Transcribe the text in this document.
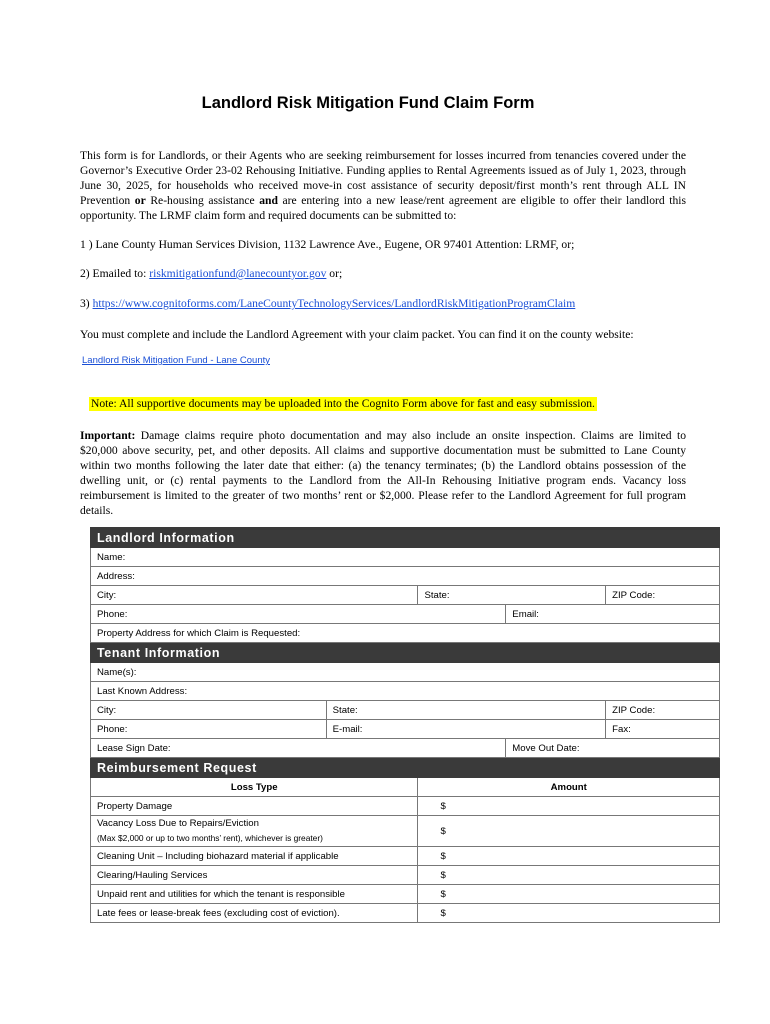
Landlord Risk Mitigation Fund Claim Form
This form is for Landlords, or their Agents who are seeking reimbursement for losses incurred from tenancies covered under the Governor’s Executive Order 23-02 Rehousing Initiative. Funding applies to Rental Agreements issued as of July 1, 2023, through June 30, 2025, for households who received move-in cost assistance of security deposit/first month’s rent through ALL IN Prevention or Re-housing assistance and are entering into a new lease/rent agreement are eligible to offer their landlord this opportunity. The LRMF claim form and required documents can be submitted to:
1 ) Lane County Human Services Division, 1132 Lawrence Ave., Eugene, OR 97401 Attention: LRMF, or;
2) Emailed to: riskmitigationfund@lanecountyor.gov or;
3) https://www.cognitoforms.com/LaneCountyTechnologyServices/LandlordRiskMitigationProgramClaim
You must complete and include the Landlord Agreement with your claim packet. You can find it on the county website:
Landlord Risk Mitigation Fund - Lane County
Note: All supportive documents may be uploaded into the Cognito Form above for fast and easy submission.
Important: Damage claims require photo documentation and may also include an onsite inspection. Claims are limited to $20,000 above security, pet, and other deposits. All claims and supportive documentation must be submitted to Lane County within two months following the later date that either: (a) the tenancy terminates; (b) the Landlord obtains possession of the dwelling unit, or (c) rental payments to the Landlord from the All-In Rehousing Initiative program ends. Vacancy loss reimbursement is limited to the greater of two months’ rent or $2,000. Please refer to the Landlord Agreement for full program details.
Landlord Information				
Name:				
Address:				
City:		State:		ZIP Code:
Phone:			Email:	
Property Address for which Claim is Requested:				
Tenant Information				
Name(s):				
Last Known Address:				
City:	State:			ZIP Code:
Phone:	E-mail:			Fax:
Lease Sign Date:			Move Out Date:	
Reimbursement Request				
Loss Type		Amount		
Property Damage		$		

Vacancy Loss Due to Repairs/Eviction
(Max $2,000 or up to two months’ rent), whichever is greater)		$		
Cleaning Unit – Including biohazard material if applicable		$		
Clearing/Hauling Services		$		
Unpaid rent and utilities for which the tenant is responsible		$		
Late fees or lease-break fees (excluding cost of eviction).		$		
